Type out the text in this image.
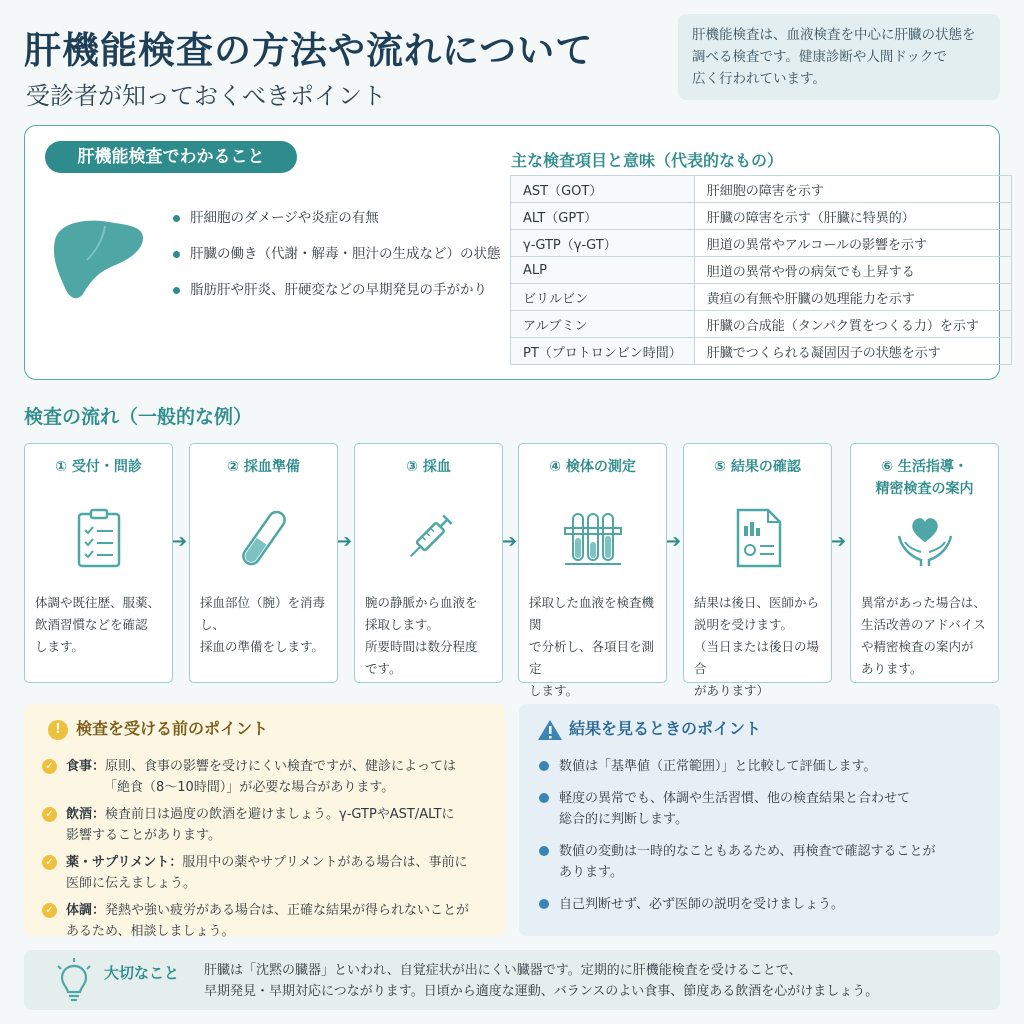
肝機能検査の方法や流れについて
受診者が知っておくべきポイント
肝機能検査は、血液検査を中心に肝臓の状態を
調べる検査です。健康診断や人間ドックで
広く行われています。
肝機能検査でわかること
肝細胞のダメージや炎症の有無
肝臓の働き（代謝・解毒・胆汁の生成など）の状態
脂肪肝や肝炎、肝硬変などの早期発見の手がかり
主な検査項目と意味（代表的なもの）
AST（GOT）	肝細胞の障害を示す
ALT（GPT）	肝臓の障害を示す（肝臓に特異的）
γ-GTP（γ-GT）	胆道の異常やアルコールの影響を示す
ALP	胆道の異常や骨の病気でも上昇する
ビリルビン	黄疸の有無や肝臓の処理能力を示す
アルブミン	肝臓の合成能（タンパク質をつくる力）を示す
PT（プロトロンビン時間）	肝臓でつくられる凝固因子の状態を示す
検査の流れ（一般的な例）
① 受付・問診
体調や既往歴、服薬、
飲酒習慣などを確認
します。
➔
② 採血準備
採血部位（腕）を消毒し、
採血の準備をします。
➔
③ 採血
腕の静脈から血液を
採取します。
所要時間は数分程度
です。
➔
④ 検体の測定
採取した血液を検査機関
で分析し、各項目を測定
します。
➔
⑤ 結果の確認
結果は後日、医師から
説明を受けます。
（当日または後日の場合
があります）
➔
⑥ 生活指導・
精密検査の案内
異常があった場合は、
生活改善のアドバイス
や精密検査の案内が
あります。
! 検査を受ける前のポイント
✓ 食事：原則、食事の影響を受けにくい検査ですが、健診によっては
「絶食（8〜10時間）」が必要な場合があります。
✓ 飲酒：検査前日は過度の飲酒を避けましょう。γ-GTPやAST/ALTに
影響することがあります。
✓ 薬・サプリメント：服用中の薬やサプリメントがある場合は、事前に
医師に伝えましょう。
✓ 体調：発熱や強い疲労がある場合は、正確な結果が得られないことが
あるため、相談しましょう。
結果を見るときのポイント
数値は「基準値（正常範囲）」と比較して評価します。
軽度の異常でも、体調や生活習慣、他の検査結果と合わせて
総合的に判断します。
数値の変動は一時的なこともあるため、再検査で確認することが
あります。
自己判断せず、必ず医師の説明を受けましょう。
大切なこと 肝臓は「沈黙の臓器」といわれ、自覚症状が出にくい臓器です。定期的に肝機能検査を受けることで、
早期発見・早期対応につながります。日頃から適度な運動、バランスのよい食事、節度ある飲酒を心がけましょう。
